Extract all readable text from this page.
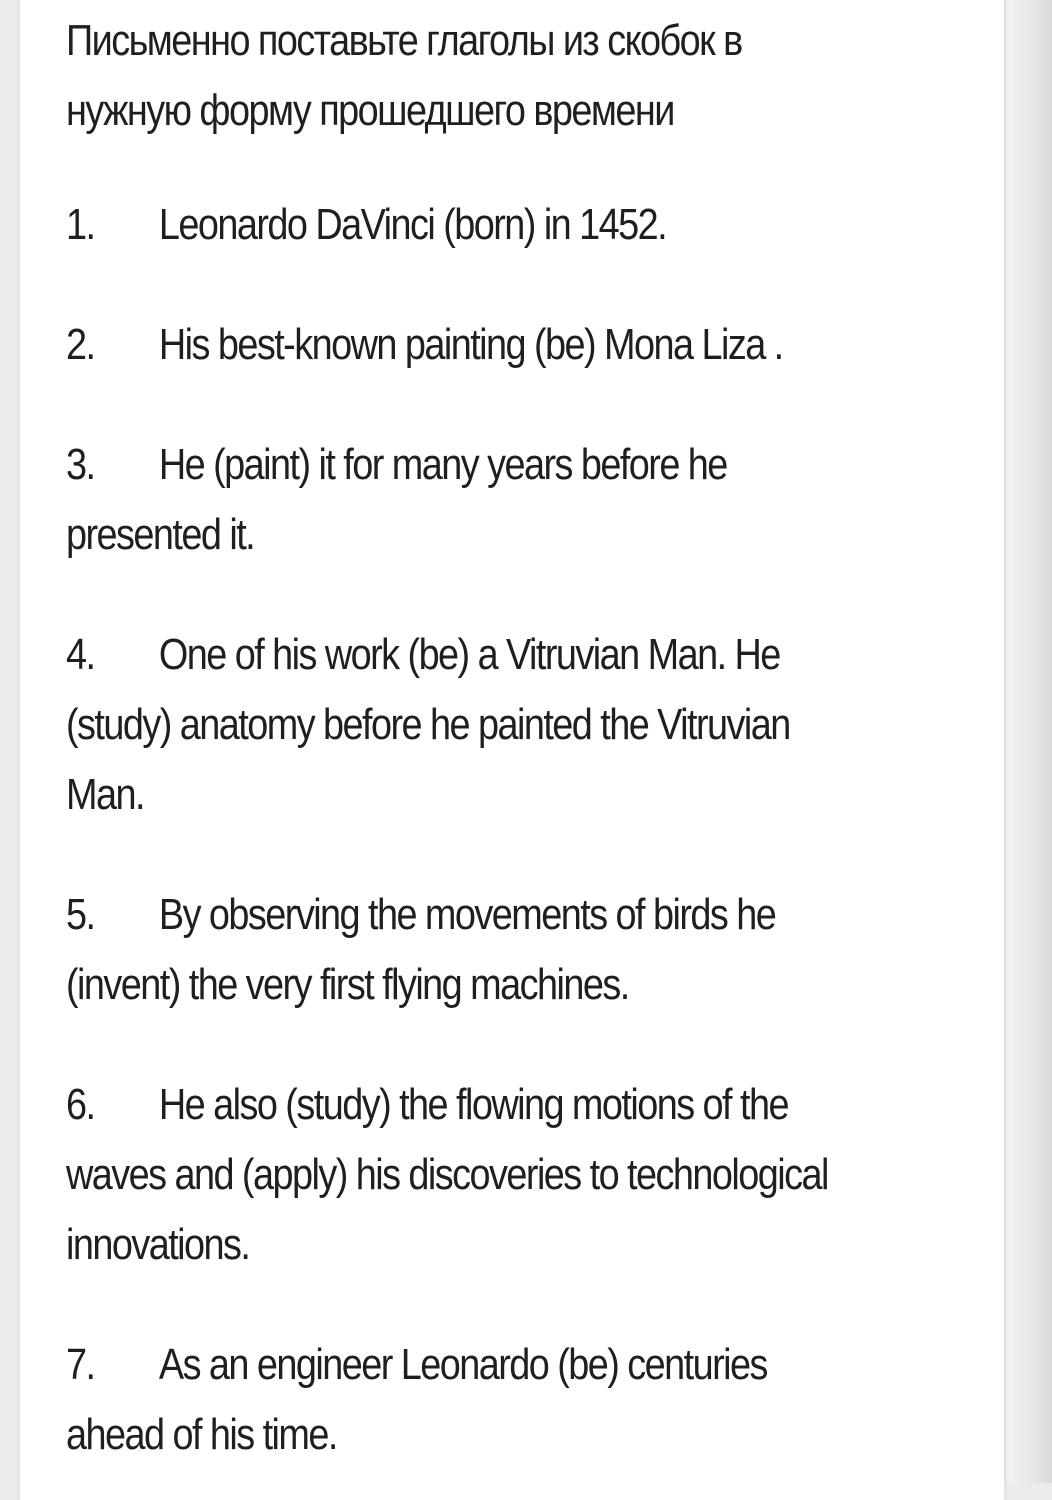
Письменно поставьте глаголы из скобок в нужную форму прошедшего времени

1. Leonardo DaVinci (born) in 1452.

2. His best-known painting (be) Mona Liza .

3. He (paint) it for many years before he presented it.

4. One of his work (be) a Vitruvian Man. He (study) anatomy before he painted the Vitruvian Man.

5. By observing the movements of birds he (invent) the very first flying machines.

6. He also (study) the flowing motions of the waves and (apply) his discoveries to technological innovations.

7. As an engineer Leonardo (be) centuries ahead of his time.
